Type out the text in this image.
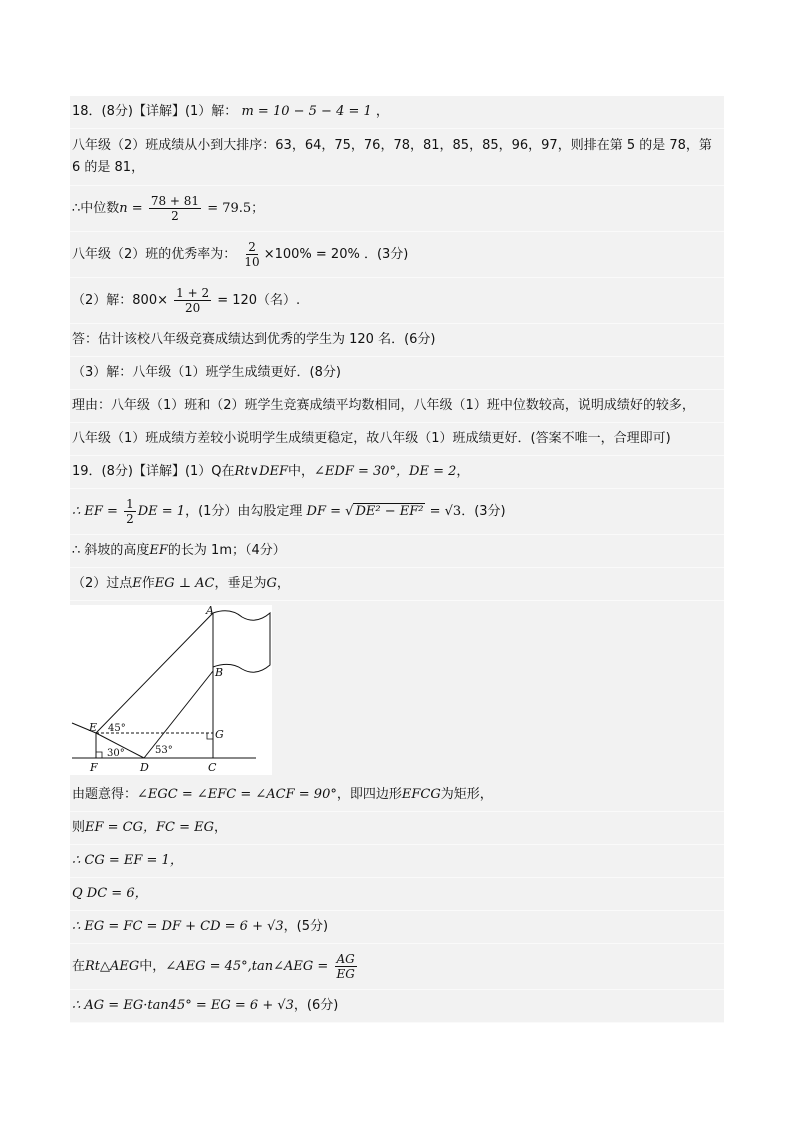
18．(8分)【详解】(1）解： m = 10 − 5 − 4 = 1 ，
八年级（2）班成绩从小到大排序：63，64，75，76，78，81，85，85，96，97，则排在第 5 的是 78，第 6 的是 81，
∴中位数$n = \frac{78 + 81}{2} = 79.5$；
八年级（2）班的优秀率为： $\frac{2}{10} \times 100\% = 20\%$ ．(3分)
（2）解：$800\times \frac{1 + 2}{20} = 120$（名）.
答：估计该校八年级竞赛成绩达到优秀的学生为 120 名．(6分)
（3）解：八年级（1）班学生成绩更好．(8分)
理由：八年级（1）班和（2）班学生竞赛成绩平均数相同，八年级（1）班中位数较高，说明成绩好的较多，
八年级（1）班成绩方差较小说明学生成绩更稳定，故八年级（1）班成绩更好．(答案不唯一，合理即可)
19．(8分)【详解】(1）Q在Rt∨DEF中，∠EDF = 30°，DE = 2，
∴ EF = $\frac{1}{2}$ DE = 1，(1分）由勾股定理 DF = √ DE² − EF² = √3．(3分)
∴ 斜坡的高度EF的长为 1m；（4分）
（2）过点E作EG ⊥ AC，垂足为G，
A
B
E
G
F	D	C
45°
30°	53°
由题意得：∠EGC = ∠EFC = ∠ACF = 90°，即四边形EFCG为矩形，
则EF = CG，FC = EG，
∴ CG = EF = 1，
Q DC = 6，
∴ EG = FC = DF + CD = 6 + √3，(5分)
在Rt△AEG中，∠AEG = 45°,tan∠AEG = $\frac{AG}{EG}$
∴ AG = EG·tan45° = EG = 6 + √3，(6分)
